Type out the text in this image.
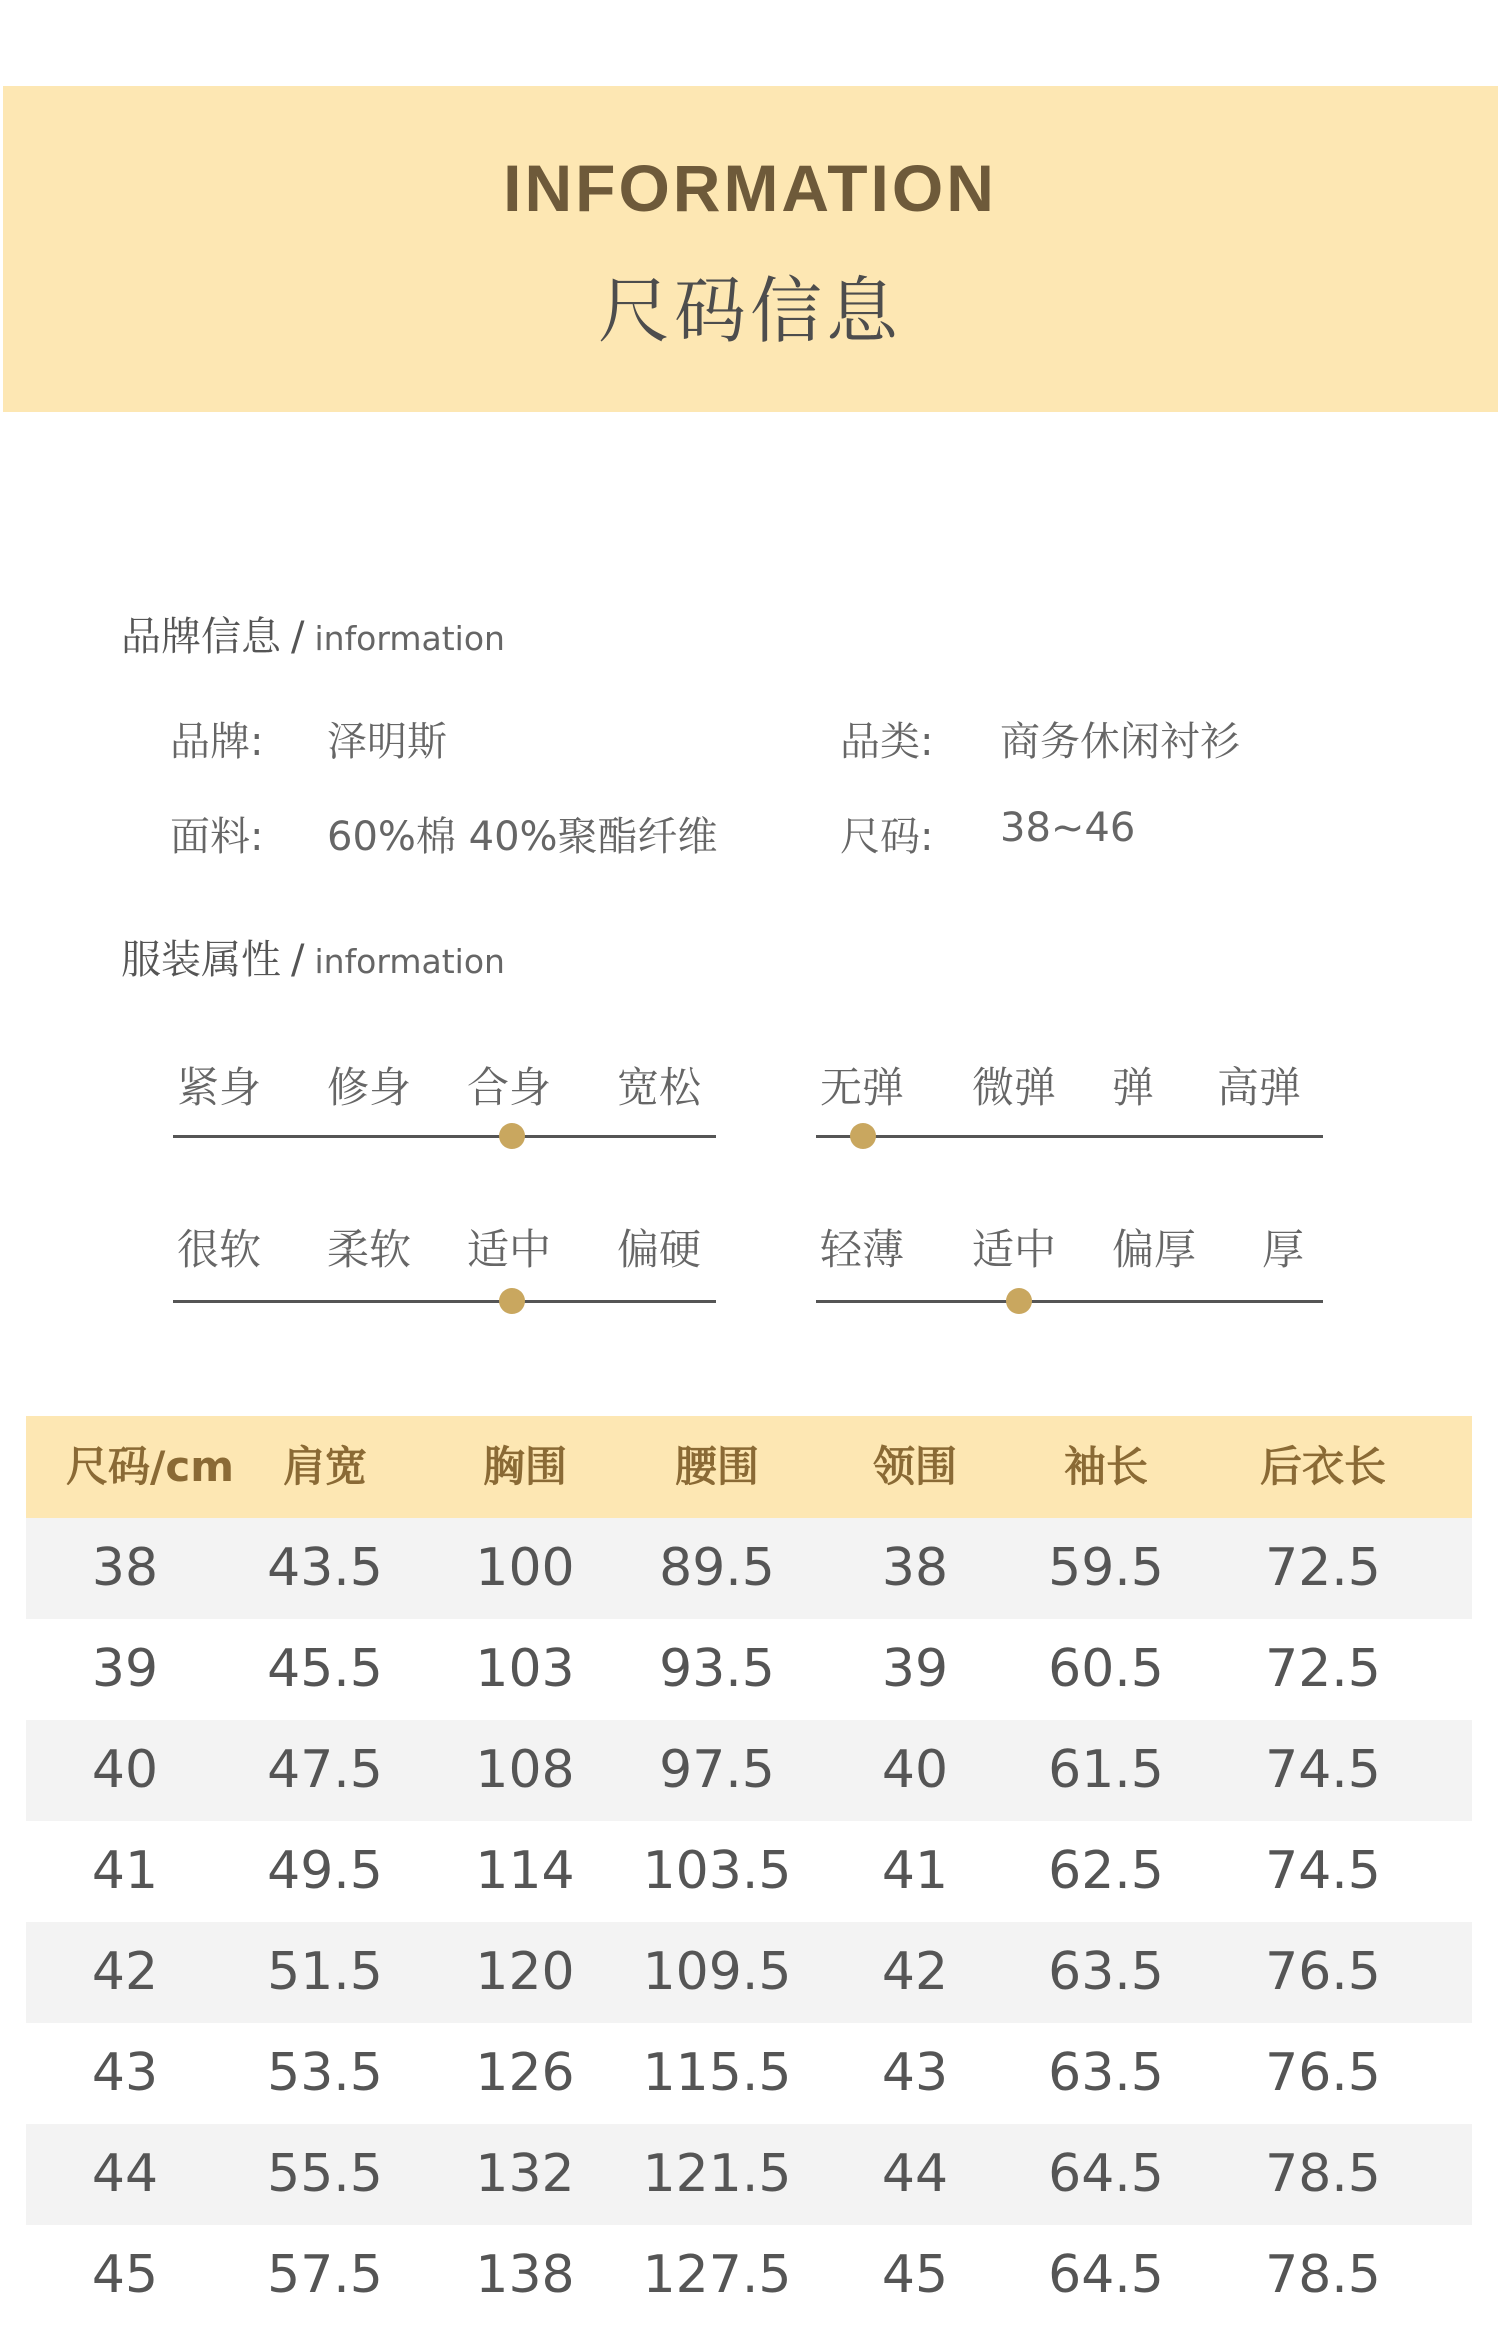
INFORMATION
尺码信息
品牌信息 / information
品牌: 泽明斯	品类: 商务休闲衬衫
面料: 60%棉 40%聚酯纤维	尺码: 38~46
服装属性 / information
紧身 修身 合身 宽松	无弹 微弹 弹 高弹
很软 柔软 适中 偏硬	轻薄 适中 偏厚 厚
尺码/cm	肩宽	胸围	腰围	领围	袖长	后衣长
38	43.5	100	89.5	38	59.5	72.5
39	45.5	103	93.5	39	60.5	72.5
40	47.5	108	97.5	40	61.5	74.5
41	49.5	114	103.5	41	62.5	74.5
42	51.5	120	109.5	42	63.5	76.5
43	53.5	126	115.5	43	63.5	76.5
44	55.5	132	121.5	44	64.5	78.5
45	57.5	138	127.5	45	64.5	78.5
